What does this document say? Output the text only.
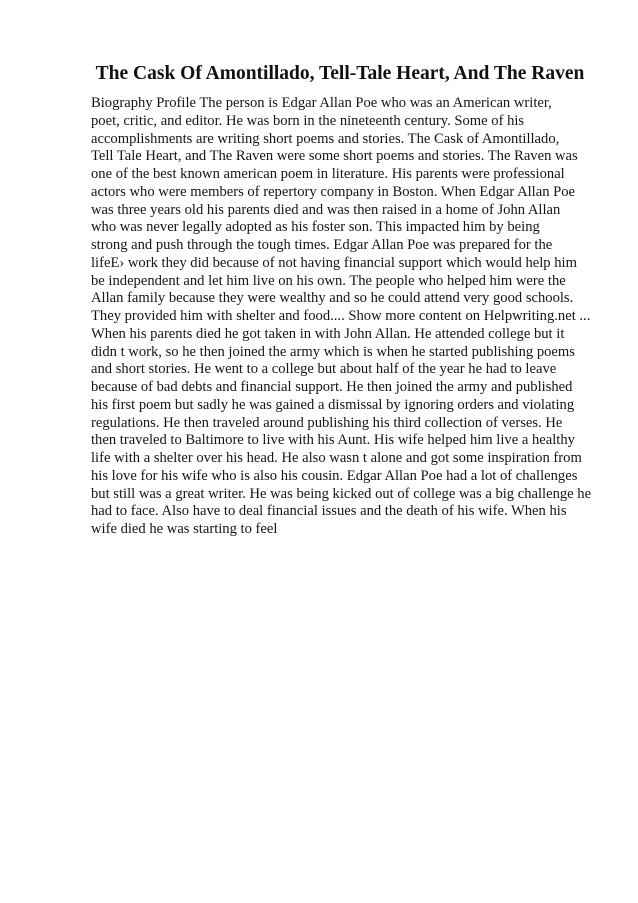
The Cask Of Amontillado, Tell-Tale Heart, And The Raven
Biography Profile The person is Edgar Allan Poe who was an American writer,
poet, critic, and editor. He was born in the nineteenth century. Some of his
accomplishments are writing short poems and stories. The Cask of Amontillado,
Tell Tale Heart, and The Raven were some short poems and stories. The Raven was
one of the best known american poem in literature. His parents were professional
actors who were members of repertory company in Boston. When Edgar Allan Poe
was three years old his parents died and was then raised in a home of John Allan
who was never legally adopted as his foster son. This impacted him by being
strong and push through the tough times. Edgar Allan Poe was prepared for the
lifeE› work they did because of not having financial support which would help him
be independent and let him live on his own. The people who helped him were the
Allan family because they were wealthy and so he could attend very good schools.
They provided him with shelter and food.... Show more content on Helpwriting.net ...
When his parents died he got taken in with John Allan. He attended college but it
didn t work, so he then joined the army which is when he started publishing poems
and short stories. He went to a college but about half of the year he had to leave
because of bad debts and financial support. He then joined the army and published
his first poem but sadly he was gained a dismissal by ignoring orders and violating
regulations. He then traveled around publishing his third collection of verses. He
then traveled to Baltimore to live with his Aunt. His wife helped him live a healthy
life with a shelter over his head. He also wasn t alone and got some inspiration from
his love for his wife who is also his cousin. Edgar Allan Poe had a lot of challenges
but still was a great writer. He was being kicked out of college was a big challenge he
had to face. Also have to deal financial issues and the death of his wife. When his
wife died he was starting to feel
